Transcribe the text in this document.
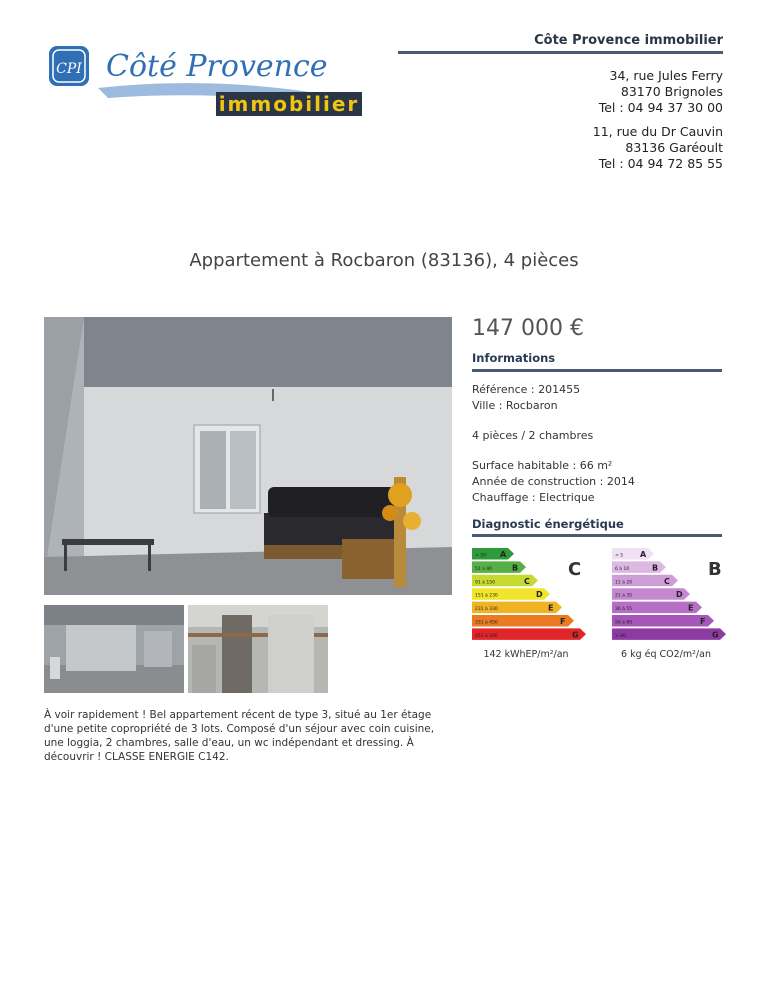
CPI Côté Provence
immobilier
Côte Provence immobilier
34, rue Jules Ferry
83170 Brignoles
Tel : 04 94 37 30 00
11, rue du Dr Cauvin
83136 Garéoult
Tel : 04 94 72 85 55
Appartement à Rocbaron (83136), 4 pièces
À voir rapidement ! Bel appartement récent de type 3, situé au 1er étage d'une petite copropriété de 3 lots. Composé d'un séjour avec coin cuisine, une loggia, 2 chambres, salle d'eau, un wc indépendant et dressing. À découvrir ! CLASSE ENERGIE C142.
147 000 €
Informations
Référence : 201455
Ville : Rocbaron
4 pièces / 2 chambres
Surface habitable : 66 m²
Année de construction : 2014
Chauffage : Electrique
Diagnostic énergétique
< 50 A
51 à 90 B
91 à 150	C
151 à 230	D
231 à 330	E
331 à 450	F
451 à 500	G
C
< 5 A
6 à 10	B
11 à 20	C
21 à 35	D
36 à 55	E
56 à 80	F
> 80	G
B
142 kWhEP/m²/an	6 kg éq CO2/m²/an
